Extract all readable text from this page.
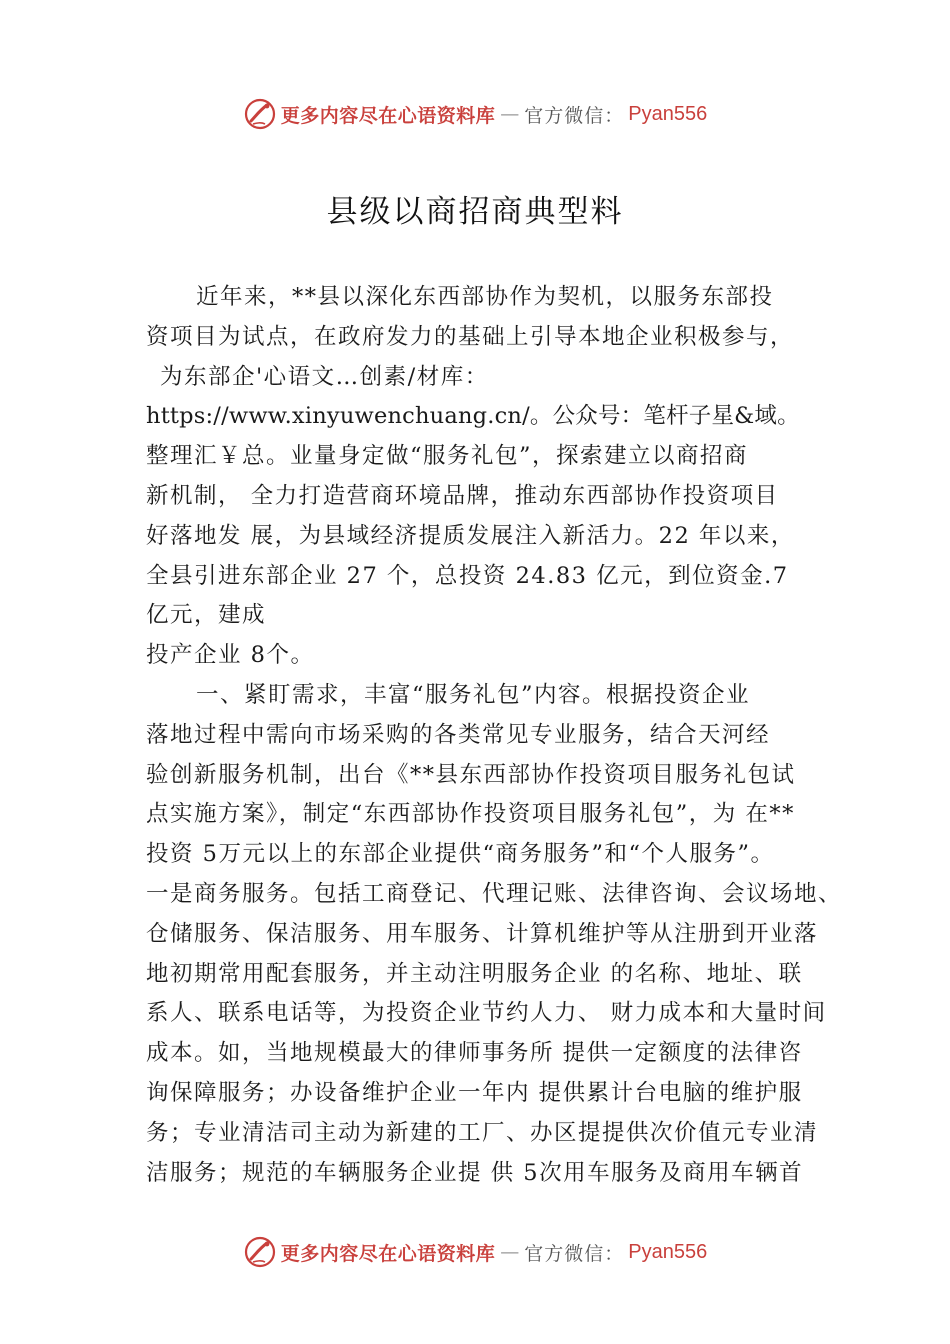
更多内容尽在心语资料库 — 官方微信： Pyan556
县级以商招商典型料
近年来，**县以深化东西部协作为契机，以服务东部投
资项目为试点，在政府发力的基础上引导本地企业积极参与，
为东部企'心语文…创素/材库：
https://www.xinyuwenchuang.cn/。公众号：笔杆子星&域。
整理汇￥总。业量身定做“服务礼包”，探索建立以商招商
新机制， 全力打造营商环境品牌，推动东西部协作投资项目
好落地发 展，为县域经济提质发展注入新活力。22 年以来，
全县引进东部企业 27 个，总投资 24.83 亿元，到位资金.7
亿元，建成
投产企业 8个。
一、紧盯需求，丰富“服务礼包”内容。根据投资企业
落地过程中需向市场采购的各类常见专业服务，结合天河经
验创新服务机制，出台《**县东西部协作投资项目服务礼包试
点实施方案》，制定“东西部协作投资项目服务礼包”，为 在**
投资 5万元以上的东部企业提供“商务服务”和“个人服务”。
一是商务服务。包括工商登记、代理记账、法律咨询、会议场地、
仓储服务、保洁服务、用车服务、计算机维护等从注册到开业落
地初期常用配套服务，并主动注明服务企业 的名称、地址、联
系人、联系电话等，为投资企业节约人力、 财力成本和大量时间
成本。如，当地规模最大的律师事务所 提供一定额度的法律咨
询保障服务；办设备维护企业一年内 提供累计台电脑的维护服
务；专业清洁司主动为新建的工厂、办区提提供次价值元专业清
洁服务；规范的车辆服务企业提 供 5次用车服务及商用车辆首
更多内容尽在心语资料库 — 官方微信： Pyan556
